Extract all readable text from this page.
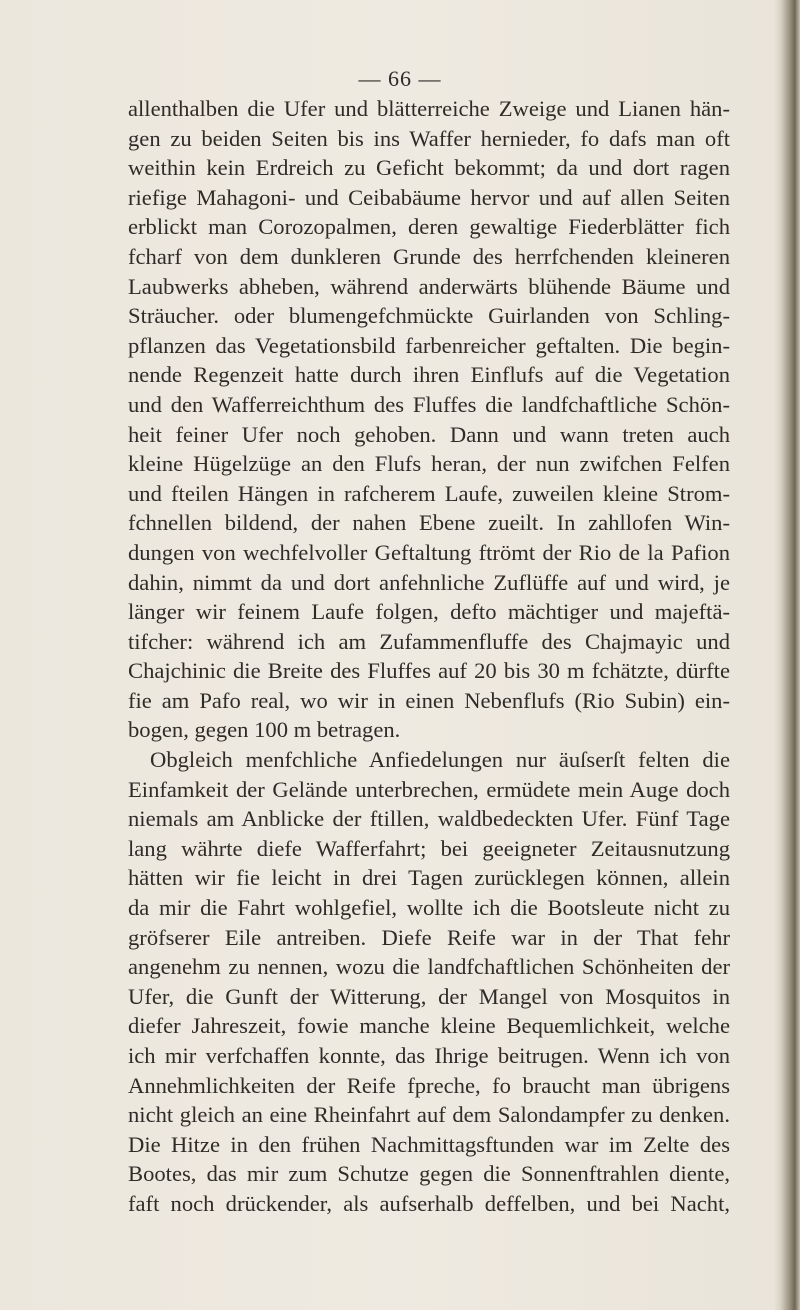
— 66 —
allenthalben die Ufer und blätterreiche Zweige und Lianen hän-
gen zu beiden Seiten bis ins Waffer hernieder, fo dafs man oft
weithin kein Erdreich zu Geficht bekommt; da und dort ragen
riefige Mahagoni- und Ceibabäume hervor und auf allen Seiten
erblickt man Corozopalmen, deren gewaltige Fiederblätter fich
fcharf von dem dunkleren Grunde des herrfchenden kleineren
Laubwerks abheben, während anderwärts blühende Bäume und
Sträucher. oder blumengefchmückte Guirlanden von Schling-
pflanzen das Vegetationsbild farbenreicher geftalten. Die begin-
nende Regenzeit hatte durch ihren Einflufs auf die Vegetation
und den Wafferreichthum des Fluffes die landfchaftliche Schön-
heit feiner Ufer noch gehoben. Dann und wann treten auch
kleine Hügelzüge an den Flufs heran, der nun zwifchen Felfen
und fteilen Hängen in rafcherem Laufe, zuweilen kleine Strom-
fchnellen bildend, der nahen Ebene zueilt. In zahllofen Win-
dungen von wechfelvoller Geftaltung ftrömt der Rio de la Pafion
dahin, nimmt da und dort anfehnliche Zuflüffe auf und wird, je
länger wir feinem Laufe folgen, defto mächtiger und majeftä-
tifcher: während ich am Zufammenfluffe des Chajmayic und
Chajchinic die Breite des Fluffes auf 20 bis 30 m fchätzte, dürfte
fie am Pafo real, wo wir in einen Nebenflufs (Rio Subin) ein-
bogen, gegen 100 m betragen.
Obgleich menfchliche Anfiedelungen nur äuſserſt felten die
Einfamkeit der Gelände unterbrechen, ermüdete mein Auge doch
niemals am Anblicke der ftillen, waldbedeckten Ufer. Fünf Tage
lang währte diefe Wafferfahrt; bei geeigneter Zeitausnutzung
hätten wir fie leicht in drei Tagen zurücklegen können, allein
da mir die Fahrt wohlgefiel, wollte ich die Bootsleute nicht zu
gröfserer Eile antreiben. Diefe Reife war in der That fehr
angenehm zu nennen, wozu die landfchaftlichen Schönheiten der
Ufer, die Gunft der Witterung, der Mangel von Mosquitos in
diefer Jahreszeit, fowie manche kleine Bequemlichkeit, welche
ich mir verfchaffen konnte, das Ihrige beitrugen. Wenn ich von
Annehmlichkeiten der Reife fpreche, fo braucht man übrigens
nicht gleich an eine Rheinfahrt auf dem Salondampfer zu denken.
Die Hitze in den frühen Nachmittagsftunden war im Zelte des
Bootes, das mir zum Schutze gegen die Sonnenftrahlen diente,
faft noch drückender, als aufserhalb deffelben, und bei Nacht,
